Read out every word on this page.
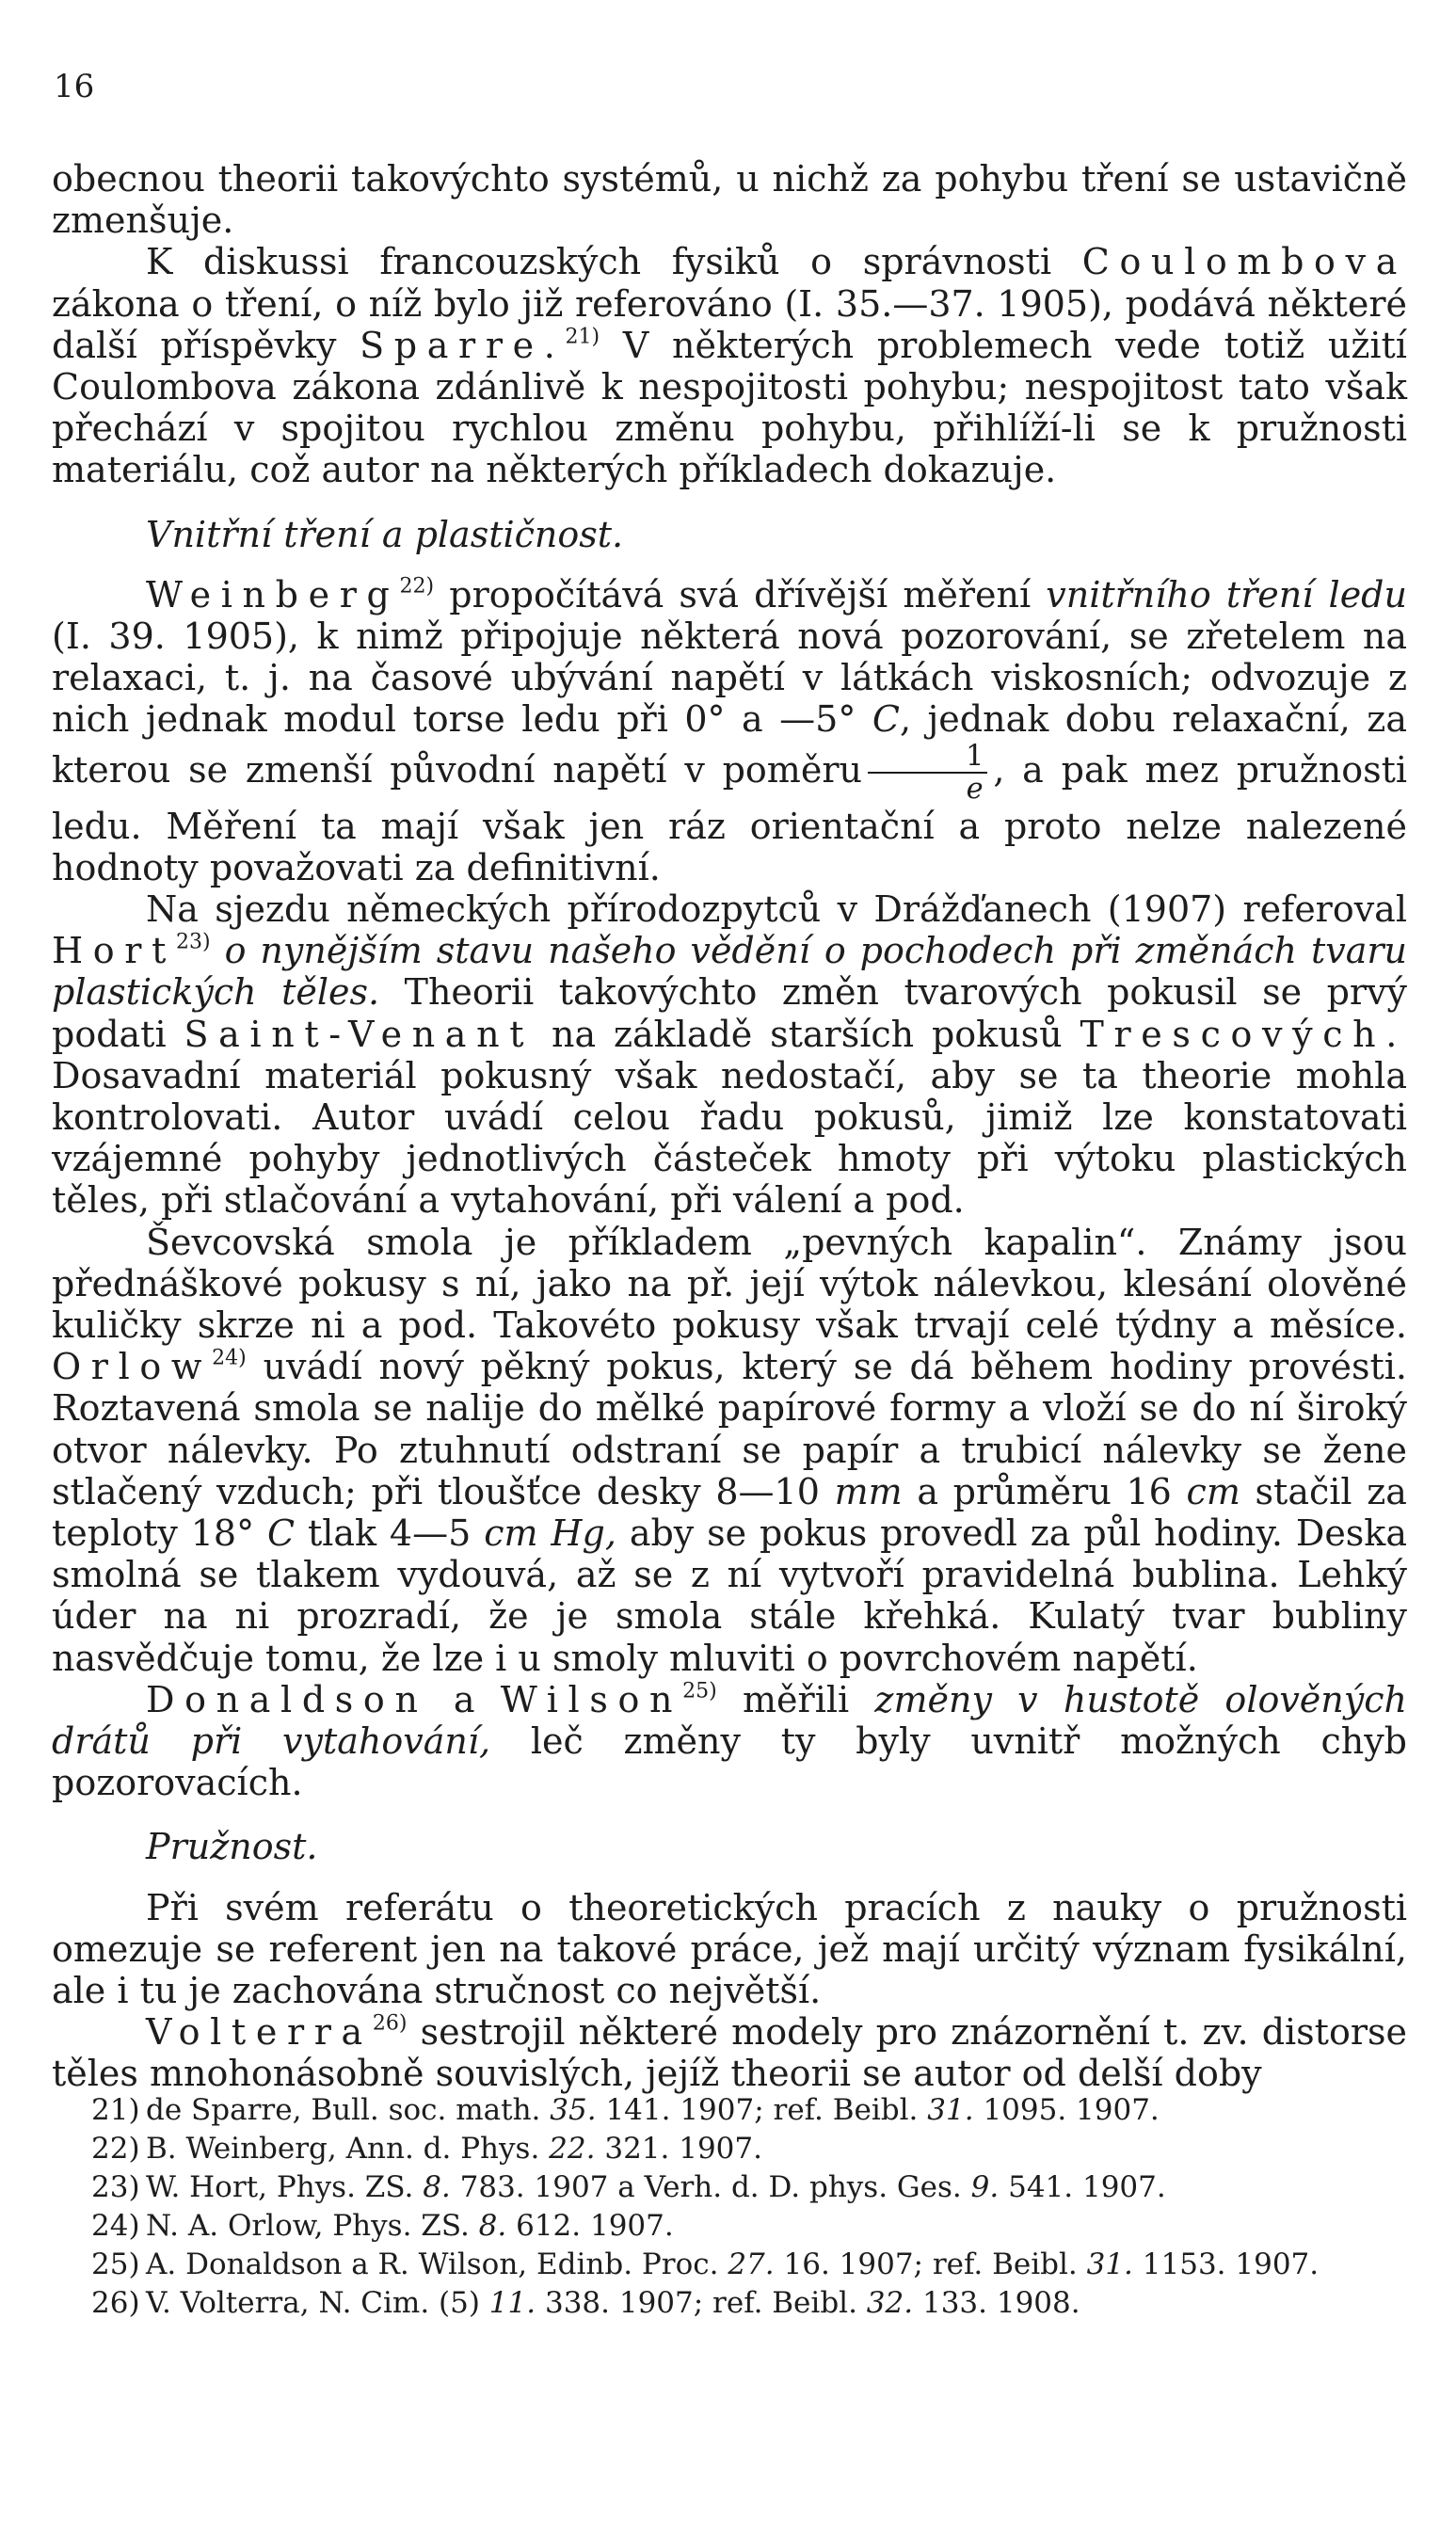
16

obecnou theorii takovýchto systémů, u nichž za pohybu tření se ustavičně zmenšuje.

K diskussi francouzských fysiků o správnosti Coulombova zákona o tření, o níž bylo již referováno (I. 35.—37. 1905), podává některé další příspěvky Sparre.$^{21)}$ V některých problemech vede totiž užití Coulombova zákona zdánlivě k nespojitosti pohybu; nespojitost tato však přechází v spojitou rychlou změnu pohybu, přihlíží-li se k pružnosti materiálu, což autor na některých příkladech dokazuje.

Vnitřní tření a plastičnost.

Weinberg$^{22)}$ propočítává svá dřívější měření vnitřního tření ledu (I. 39. 1905), k nimž připojuje některá nová pozorování, se zřetelem na relaxaci, t. j. na časové ubývání napětí v látkách viskosních; odvozuje z nich jednak modul torse ledu při 0° a —5° C, jednak dobu relaxační, za kterou se zmenší původní napětí v poměru $\frac{1}{e}$ , a pak mez pružnosti ledu. Měření ta mají však jen ráz orientační a proto nelze nalezené hodnoty považovati za definitivní.

Na sjezdu německých přírodozpytců v Drážďanech (1907) referoval Hort$^{23)}$ o nynějším stavu našeho vědění o pochodech při změnách tvaru plastických těles. Theorii takovýchto změn tvarových pokusil se prvý podati Saint-Venant na základě starších pokusů Trescových. Dosavadní materiál pokusný však nedostačí, aby se ta theorie mohla kontrolovati. Autor uvádí celou řadu pokusů, jimiž lze konstatovati vzájemné pohyby jednotlivých částeček hmoty při výtoku plastických těles, při stlačování a vytahování, při válení a pod.

Ševcovská smola je příkladem „pevných kapalin“. Známy jsou přednáškové pokusy s ní, jako na př. její výtok nálevkou, klesání olověné kuličky skrze ni a pod. Takovéto pokusy však trvají celé týdny a měsíce. Orlow$^{24)}$ uvádí nový pěkný pokus, který se dá během hodiny provésti. Roztavená smola se nalije do mělké papírové formy a vloží se do ní široký otvor nálevky. Po ztuhnutí odstraní se papír a trubicí nálevky se žene stlačený vzduch; při tloušťce desky 8—10 mm a průměru 16 cm stačil za teploty 18° C tlak 4—5 cm Hg, aby se pokus provedl za půl hodiny. Deska smolná se tlakem vydouvá, až se z ní vytvoří pravidelná bublina. Lehký úder na ni prozradí, že je smola stále křehká. Kulatý tvar bubliny nasvědčuje tomu, že lze i u smoly mluviti o povrchovém napětí.

Donaldson a Wilson$^{25)}$ měřili změny v hustotě olověných drátů při vytahování, leč změny ty byly uvnitř možných chyb pozorovacích.

Pružnost.

Při svém referátu o theoretických pracích z nauky o pružnosti omezuje se referent jen na takové práce, jež mají určitý význam fysikální, ale i tu je zachována stručnost co největší.

Volterra$^{26)}$ sestrojil některé modely pro znázornění t. zv. distorse těles mnohonásobně souvislých, jejíž theorii se autor od delší doby

21) de Sparre, Bull. soc. math. 35. 141. 1907; ref. Beibl. 31. 1095. 1907.

22) B. Weinberg, Ann. d. Phys. 22. 321. 1907.

23) W. Hort, Phys. ZS. 8. 783. 1907 a Verh. d. D. phys. Ges. 9. 541. 1907.

24) N. A. Orlow, Phys. ZS. 8. 612. 1907.

25) A. Donaldson a R. Wilson, Edinb. Proc. 27. 16. 1907; ref. Beibl. 31. 1153. 1907.

26) V. Volterra, N. Cim. (5) 11. 338. 1907; ref. Beibl. 32. 133. 1908.
